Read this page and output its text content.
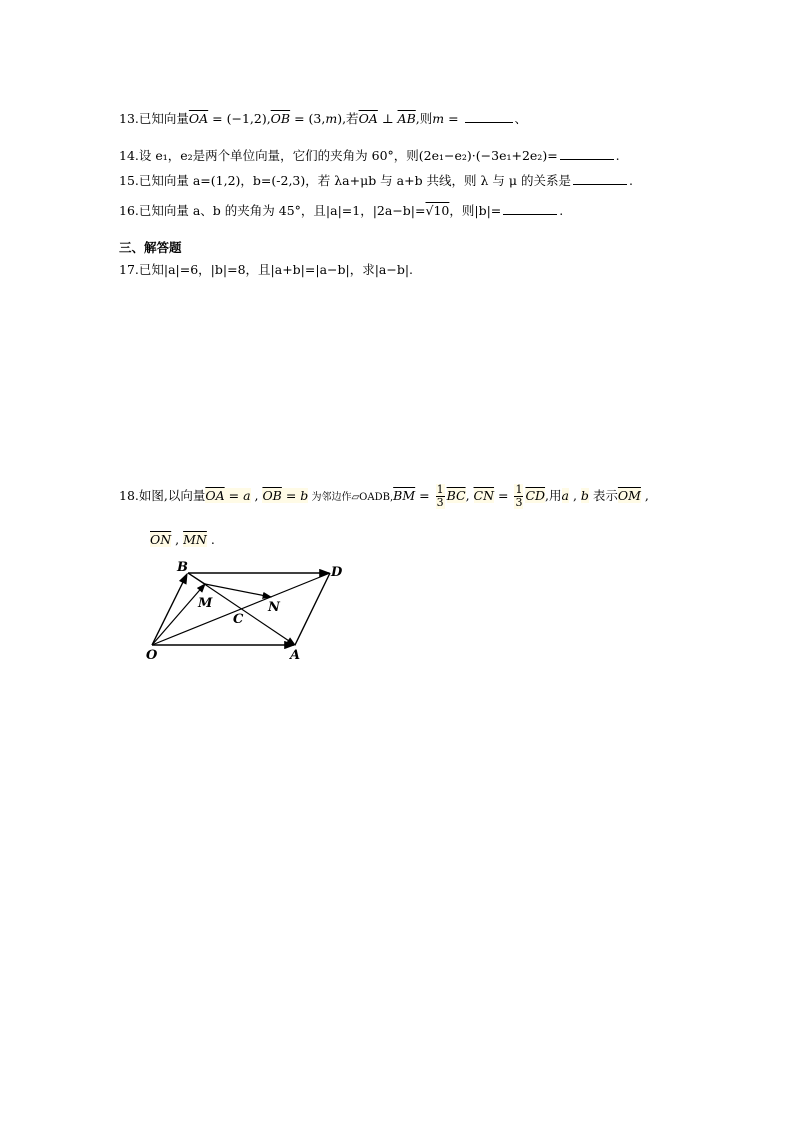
13.已知向量$\overline{OA} = (-1,2),\overline{OB} = (3,m)$,若$\overline{OA}$ ⊥ $\overline{AB}$,则m =	、
14.设 e₁，e₂是两个单位向量，它们的夹角为 60°，则(2e₁−e₂)·(−3e₁+2e₂)=	.
15.已知向量 a=(1,2)，b=(-2,3)，若 λa+μb 与 a+b 共线，则 λ 与 μ 的关系是	.
16.已知向量 a、b 的夹角为 45°，且|a|=1，|2a−b|=√10，则|b|=	.
三、解答题
17.已知|a|=6，|b|=8，且|a+b|=|a−b|，求|a−b|.
18.如图,以向量$\overline{OA} = a$ , $\overline{OB} = b$ 为邻边作$▱OADB,\overline{BM} = \frac{1}{3} \overline{BC}$, $\overline{CN} = \frac{1}{3} \overline{CD}$,用a , b 表示$\overline{OM}$ ,
$\overline{ON}$ , $\overline{MN}$ .
B	D
M	N
C
O	A
